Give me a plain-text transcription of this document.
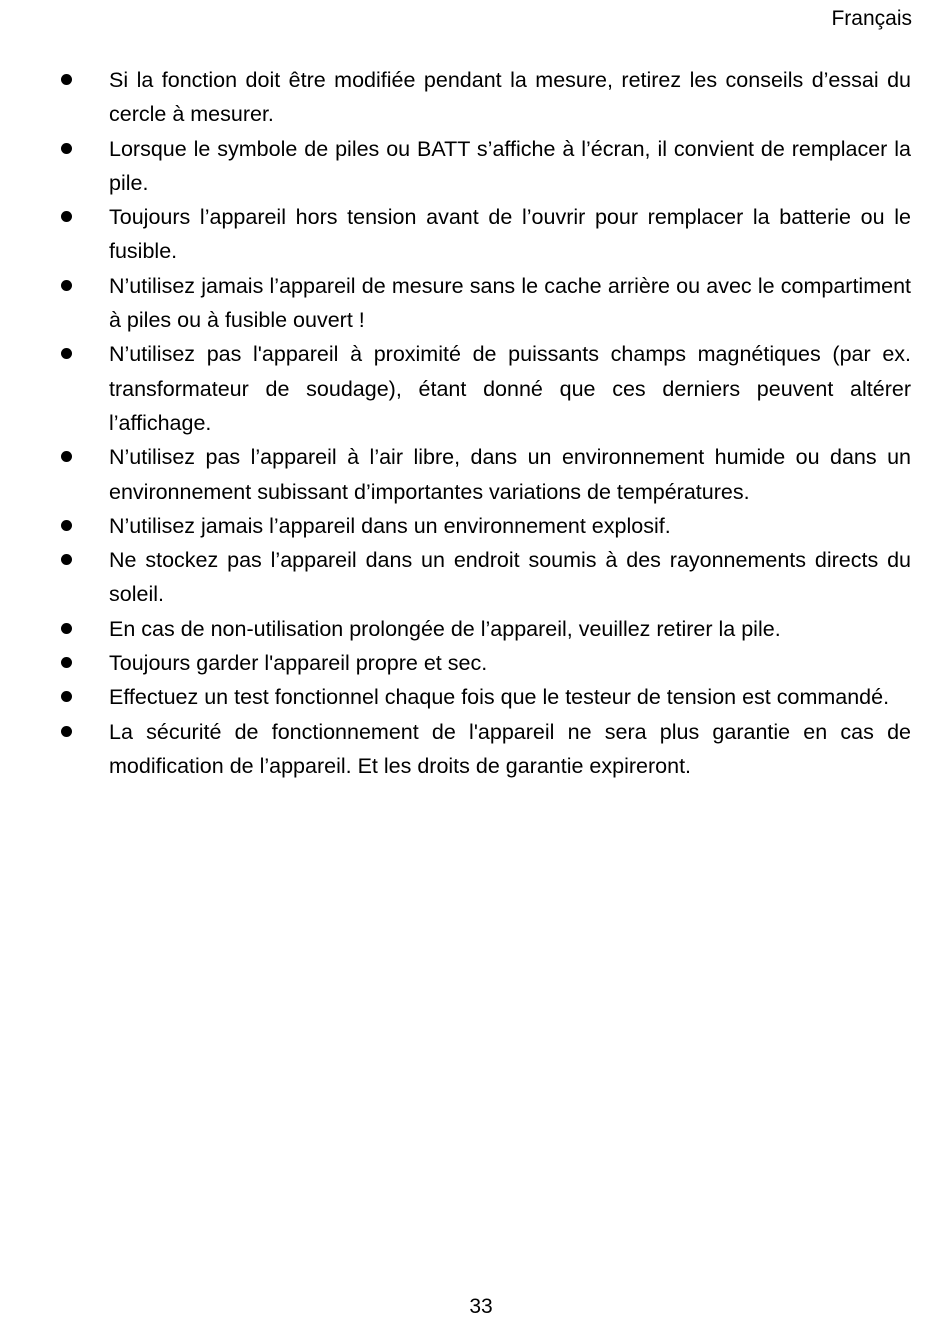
Français
Si la fonction doit être modifiée pendant la mesure, retirez les conseils d’essai du cercle à mesurer.
Lorsque le symbole de piles ou BATT s’affiche à l’écran, il convient de remplacer la pile.
Toujours l’appareil hors tension avant de l’ouvrir pour remplacer la batterie ou le fusible.
N’utilisez jamais l’appareil de mesure sans le cache arrière ou avec le compartiment à piles ou à fusible ouvert !
N’utilisez pas l'appareil à proximité de puissants champs magnétiques (par ex. transformateur de soudage), étant donné que ces derniers peuvent altérer l’affichage.
N’utilisez pas l’appareil à l’air libre, dans un environnement humide ou dans un environnement subissant d’importantes variations de températures.
N’utilisez jamais l’appareil dans un environnement explosif.
Ne stockez pas l’appareil dans un endroit soumis à des rayonnements directs du soleil.
En cas de non-utilisation prolongée de l’appareil, veuillez retirer la pile.
Toujours garder l'appareil propre et sec.
Effectuez un test fonctionnel chaque fois que le testeur de tension est commandé.
La sécurité de fonctionnement de l'appareil ne sera plus garantie en cas de modification de l’appareil. Et les droits de garantie expireront.
33
